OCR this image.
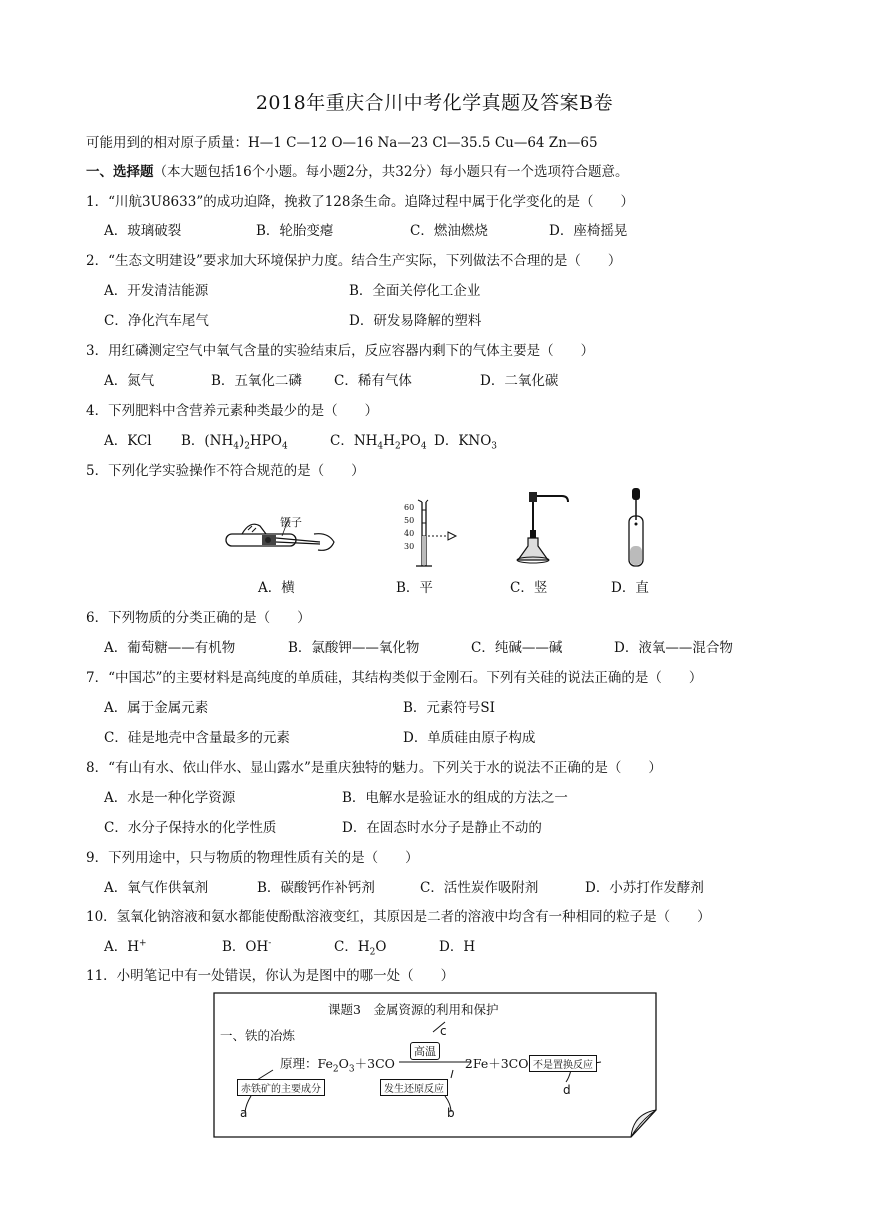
2018年重庆合川中考化学真题及答案B卷
可能用到的相对原子质量：H—1 C—12 O—16 Na—23 Cl—35.5 Cu—64 Zn—65
一、选择题（本大题包括16个小题。每小题2分，共32分）每小题只有一个选项符合题意。
1．“川航3U8633”的成功迫降，挽救了128条生命。追降过程中属于化学变化的是（　　）
A．玻璃破裂	B．轮胎变瘪	C．燃油燃烧	D．座椅摇晃
2．“生态文明建设”要求加大环境保护力度。结合生产实际，下列做法不合理的是（　　）
A．开发清洁能源	B．全面关停化工企业
C．净化汽车尾气	D．研发易降解的塑料
3．用红磷测定空气中氧气含量的实验结束后，反应容器内剩下的气体主要是（　　）
A．氮气	B．五氧化二磷 C．稀有气体	D．二氧化碳
4．下列肥料中含营养元素种类最少的是（　　）
A．KCl B．$(NH_4)_2HPO_4$	C．$NH_4H_2PO_4$ D．$KNO_3$
5．下列化学实验操作不符合规范的是（　　）
镊子
60
50
40
30
A．横	B．平	C．竖	D．直
6．下列物质的分类正确的是（　　）
A．葡萄糖——有机物	B．氯酸钾——氧化物	C．纯碱——碱	D．液氧——混合物
7．“中国芯”的主要材料是高纯度的单质硅，其结构类似于金刚石。下列有关硅的说法正确的是（　　）
A．属于金属元素	B．元素符号SI
C．硅是地壳中含量最多的元素	D．单质硅由原子构成
8．“有山有水、依山伴水、显山露水”是重庆独特的魅力。下列关于水的说法不正确的是（　　）
A．水是一种化学资源	B．电解水是验证水的组成的方法之一
C．水分子保持水的化学性质	D．在固态时水分子是静止不动的
9．下列用途中，只与物质的物理性质有关的是（　　）
A．氧气作供氧剂	B．碳酸钙作补钙剂	C．活性炭作吸附剂	D．小苏打作发酵剂
10．氢氧化钠溶液和氨水都能使酚酞溶液变红，其原因是二者的溶液中均含有一种相同的粒子是（　　）
A．H+	B．OH-	C．$H_2O$	D．H
11．小明笔记中有一处错误，你认为是图中的哪一处（　　）
课题3　金属资源的利用和保护
一、铁的冶炼
原理：$Fe_2O_3+3CO$	2Fe＋3CO
高温
赤铁矿的主要成分	发生还原反应
不是置换反应
a	b
c
d
